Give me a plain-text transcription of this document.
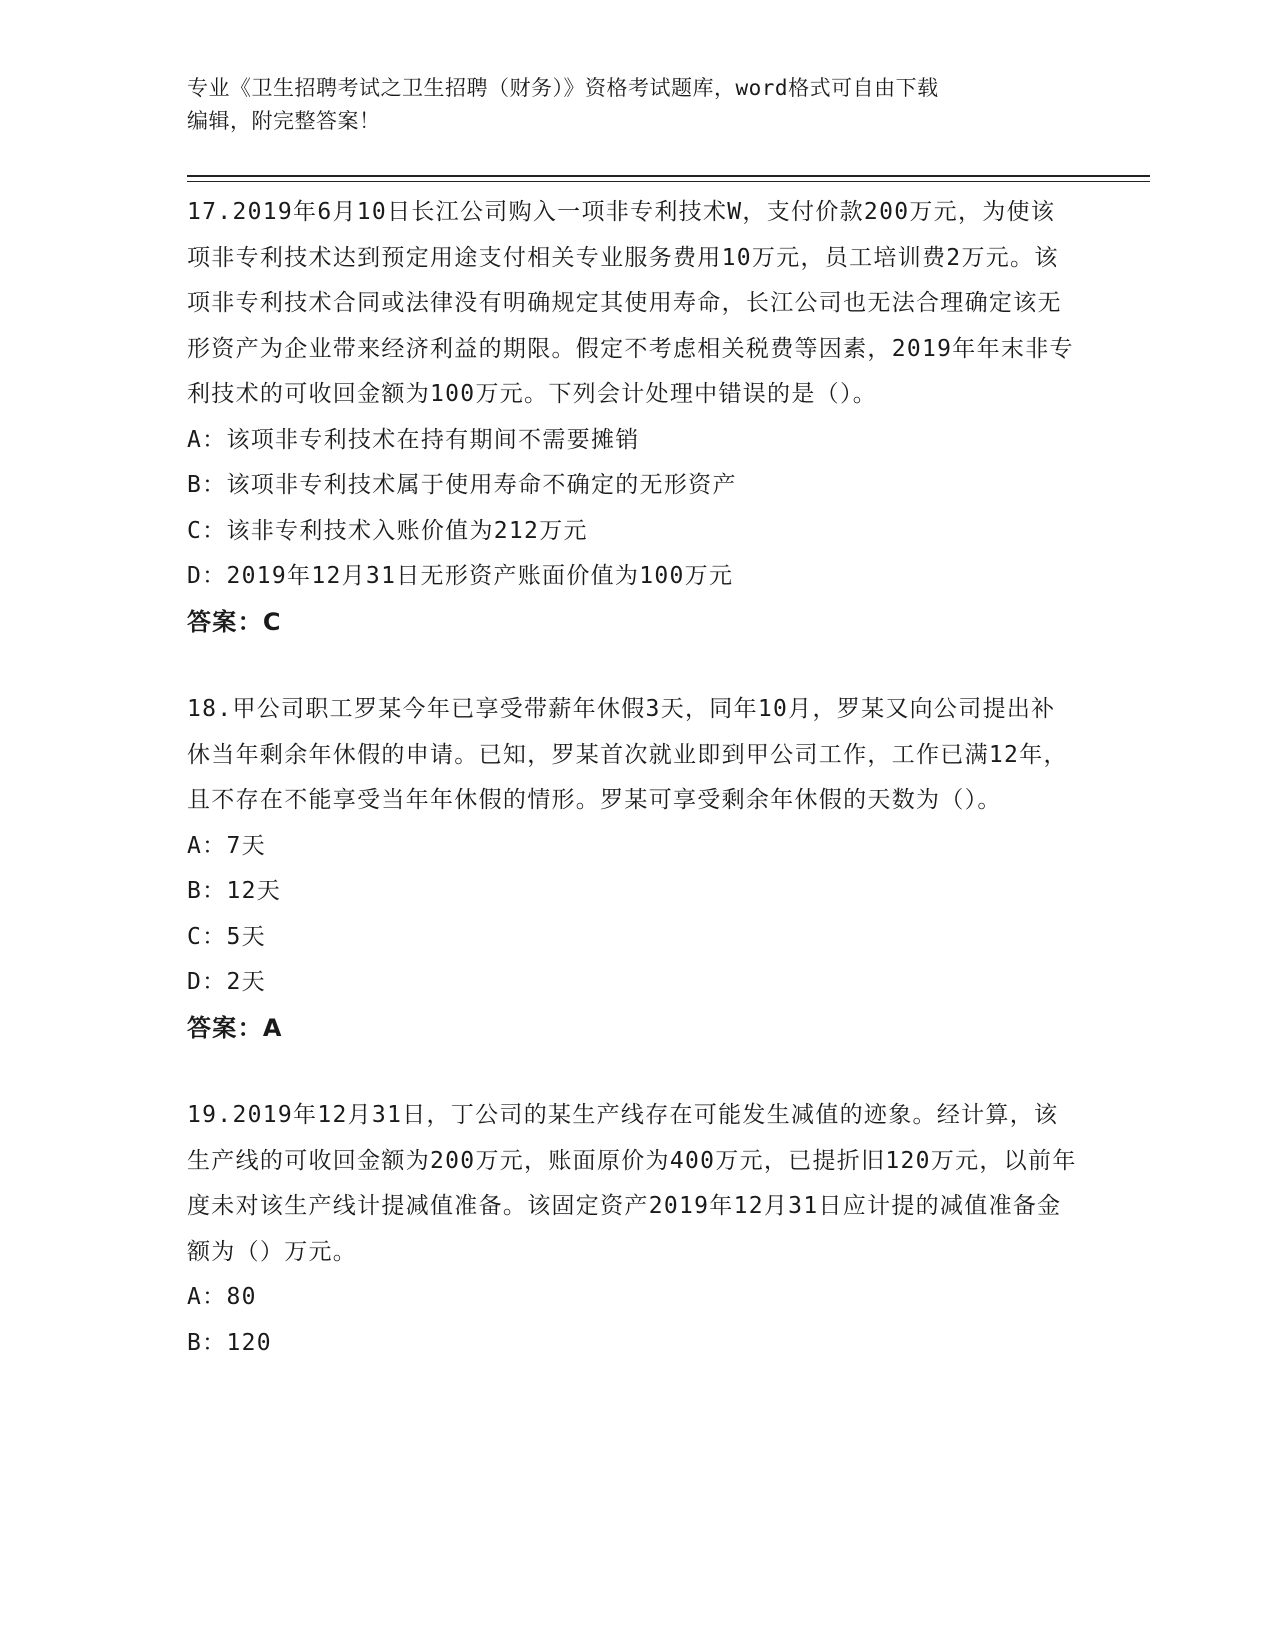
专业《卫生招聘考试之卫生招聘（财务）》资格考试题库，word格式可自由下载
编辑，附完整答案！

17.2019年6月10日长江公司购入一项非专利技术W，支付价款200万元，为使该项非专利技术达到预定用途支付相关专业服务费用10万元，员工培训费2万元。该项非专利技术合同或法律没有明确规定其使用寿命，长江公司也无法合理确定该无形资产为企业带来经济利益的期限。假定不考虑相关税费等因素，2019年年末非专利技术的可收回金额为100万元。下列会计处理中错误的是（）。

A：该项非专利技术在持有期间不需要摊销

B：该项非专利技术属于使用寿命不确定的无形资产

C：该非专利技术入账价值为212万元

D：2019年12月31日无形资产账面价值为100万元

答案：C

18.甲公司职工罗某今年已享受带薪年休假3天，同年10月，罗某又向公司提出补休当年剩余年休假的申请。已知，罗某首次就业即到甲公司工作，工作已满12年，且不存在不能享受当年年休假的情形。罗某可享受剩余年休假的天数为（）。

A：7天

B：12天

C：5天

D：2天

答案：A

19.2019年12月31日，丁公司的某生产线存在可能发生减值的迹象。经计算，该生产线的可收回金额为200万元，账面原价为400万元，已提折旧120万元，以前年度未对该生产线计提减值准备。该固定资产2019年12月31日应计提的减值准备金额为（）万元。

A：80

B：120
